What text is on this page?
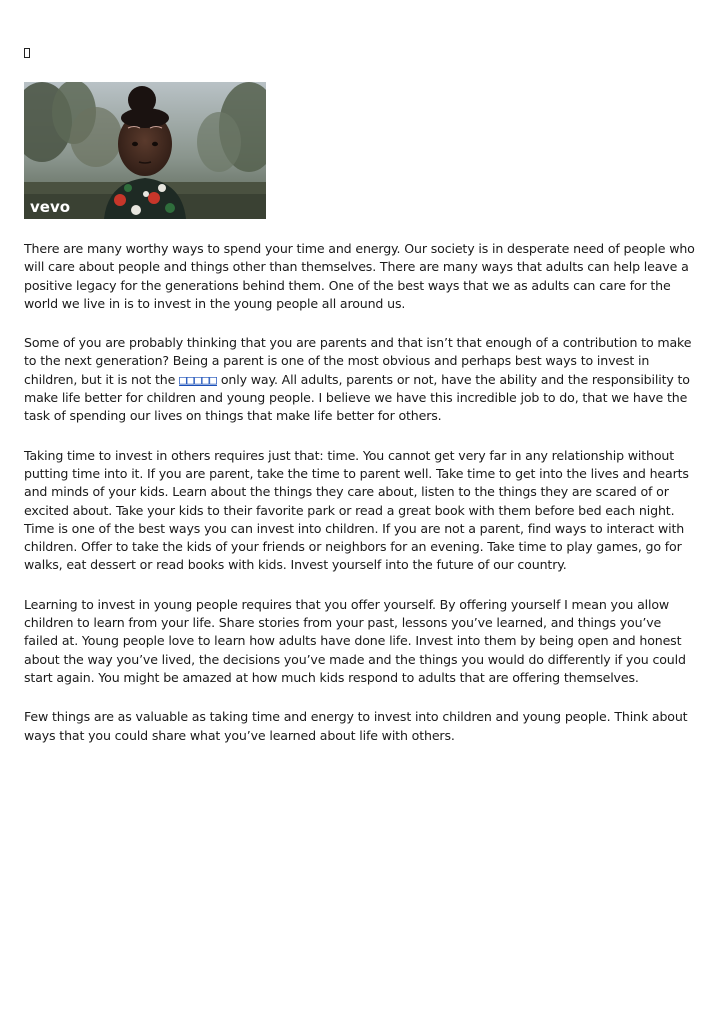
vevo

There are many worthy ways to spend your time and energy. Our society is in desperate need of people who will care about people and things other than themselves. There are many ways that adults can help leave a positive legacy for the generations behind them. One of the best ways that we as adults can care for the world we live in is to invest in the young people all around us.

Some of you are probably thinking that you are parents and that isn’t that enough of a contribution to make to the next generation? Being a parent is one of the most obvious and perhaps best ways to invest in children, but it is not the □□□□□ only way. All adults, parents or not, have the ability and the responsibility to make life better for children and young people. I believe we have this incredible job to do, that we have the task of spending our lives on things that make life better for others.

Taking time to invest in others requires just that: time. You cannot get very far in any relationship without putting time into it. If you are parent, take the time to parent well. Take time to get into the lives and hearts and minds of your kids. Learn about the things they care about, listen to the things they are scared of or excited about. Take your kids to their favorite park or read a great book with them before bed each night. Time is one of the best ways you can invest into children. If you are not a parent, find ways to interact with children. Offer to take the kids of your friends or neighbors for an evening. Take time to play games, go for walks, eat dessert or read books with kids. Invest yourself into the future of our country.

Learning to invest in young people requires that you offer yourself. By offering yourself I mean you allow children to learn from your life. Share stories from your past, lessons you’ve learned, and things you’ve failed at. Young people love to learn how adults have done life. Invest into them by being open and honest about the way you’ve lived, the decisions you’ve made and the things you would do differently if you could start again. You might be amazed at how much kids respond to adults that are offering themselves.

Few things are as valuable as taking time and energy to invest into children and young people. Think about ways that you could share what you’ve learned about life with others.
